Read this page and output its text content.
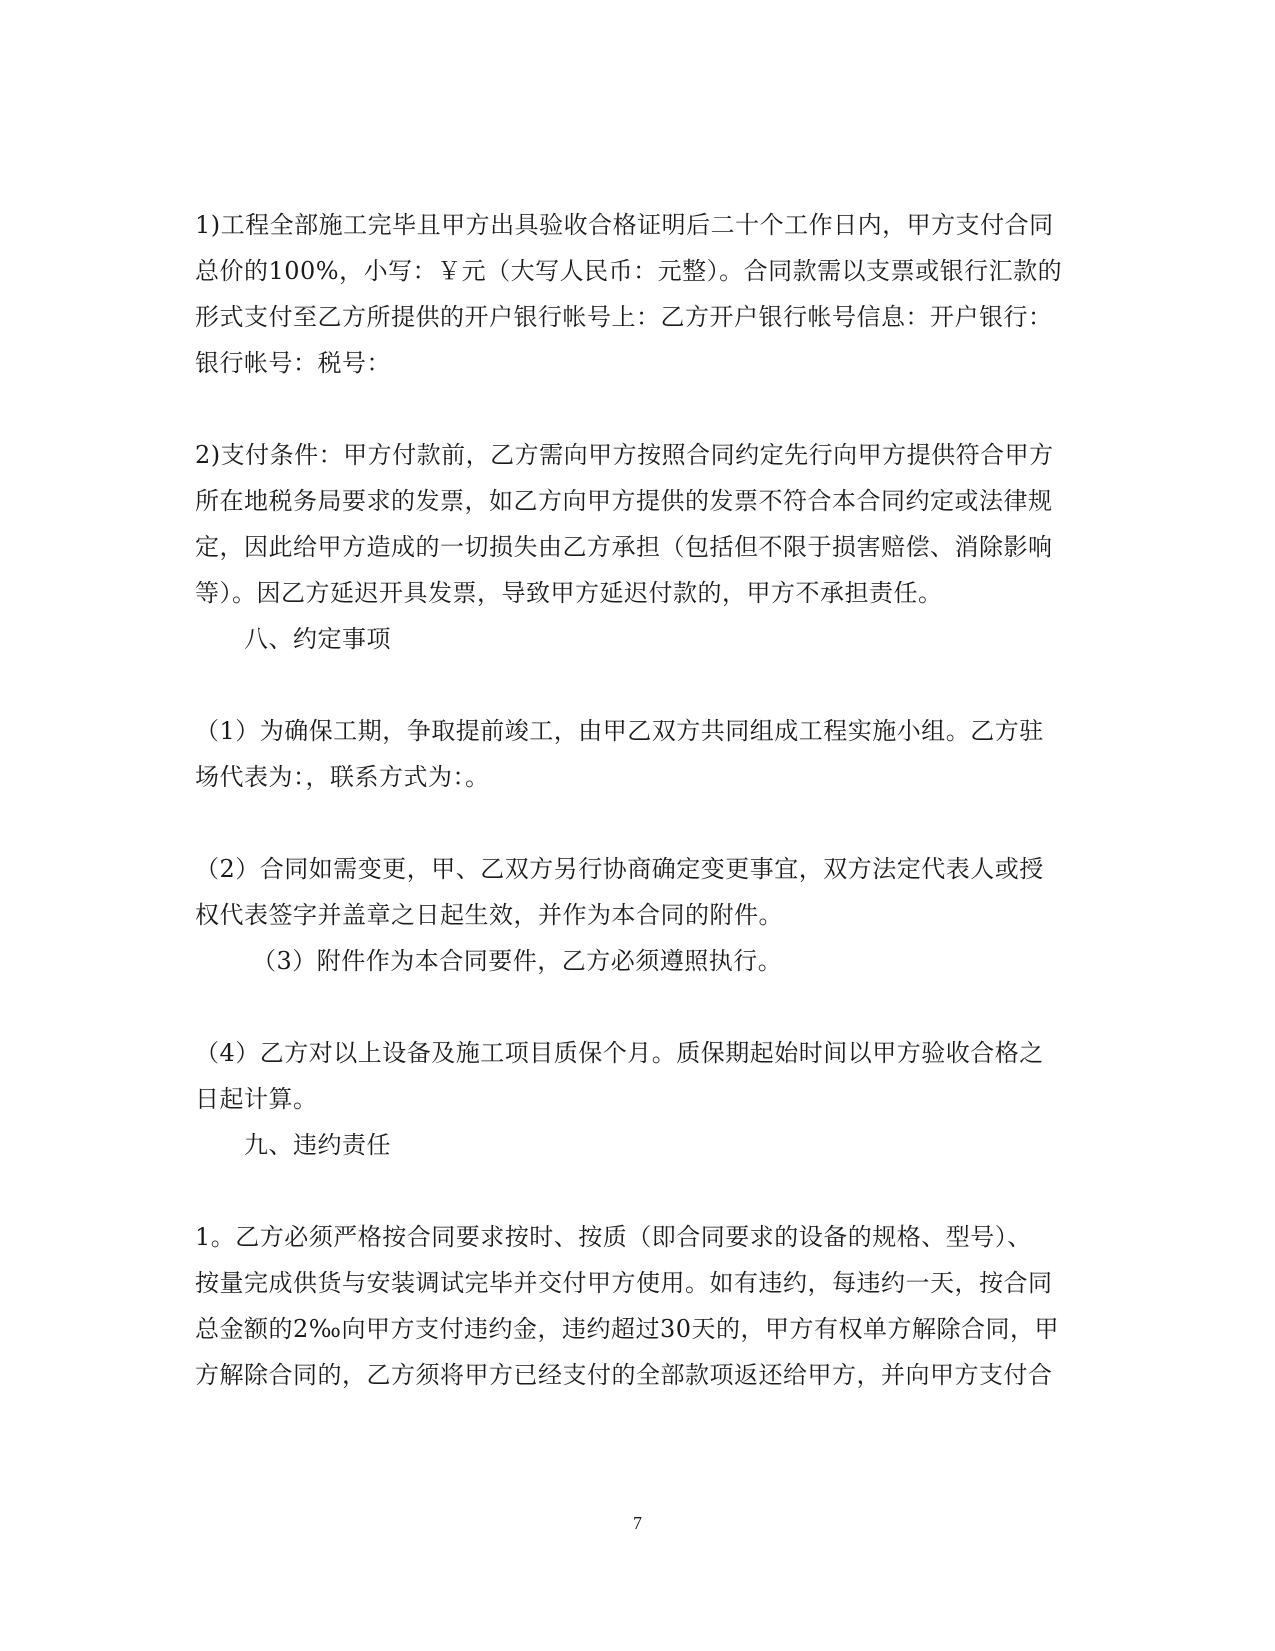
1)工程全部施工完毕且甲方出具验收合格证明后二十个工作日内，甲方支付合同
总价的100%，小写：￥元（大写人民币：元整）。合同款需以支票或银行汇款的
形式支付至乙方所提供的开户银行帐号上：乙方开户银行帐号信息：开户银行：
银行帐号：税号：
2)支付条件：甲方付款前，乙方需向甲方按照合同约定先行向甲方提供符合甲方
所在地税务局要求的发票，如乙方向甲方提供的发票不符合本合同约定或法律规
定，因此给甲方造成的一切损失由乙方承担（包括但不限于损害赔偿、消除影响
等）。因乙方延迟开具发票，导致甲方延迟付款的，甲方不承担责任。
八、约定事项
（1）为确保工期，争取提前竣工，由甲乙双方共同组成工程实施小组。乙方驻
场代表为：，联系方式为：。
（2）合同如需变更，甲、乙双方另行协商确定变更事宜，双方法定代表人或授
权代表签字并盖章之日起生效，并作为本合同的附件。
（3）附件作为本合同要件，乙方必须遵照执行。
（4）乙方对以上设备及施工项目质保个月。质保期起始时间以甲方验收合格之
日起计算。
九、违约责任
1。乙方必须严格按合同要求按时、按质（即合同要求的设备的规格、型号）、
按量完成供货与安装调试完毕并交付甲方使用。如有违约，每违约一天，按合同
总金额的2‰向甲方支付违约金，违约超过30天的，甲方有权单方解除合同，甲
方解除合同的，乙方须将甲方已经支付的全部款项返还给甲方，并向甲方支付合
7
